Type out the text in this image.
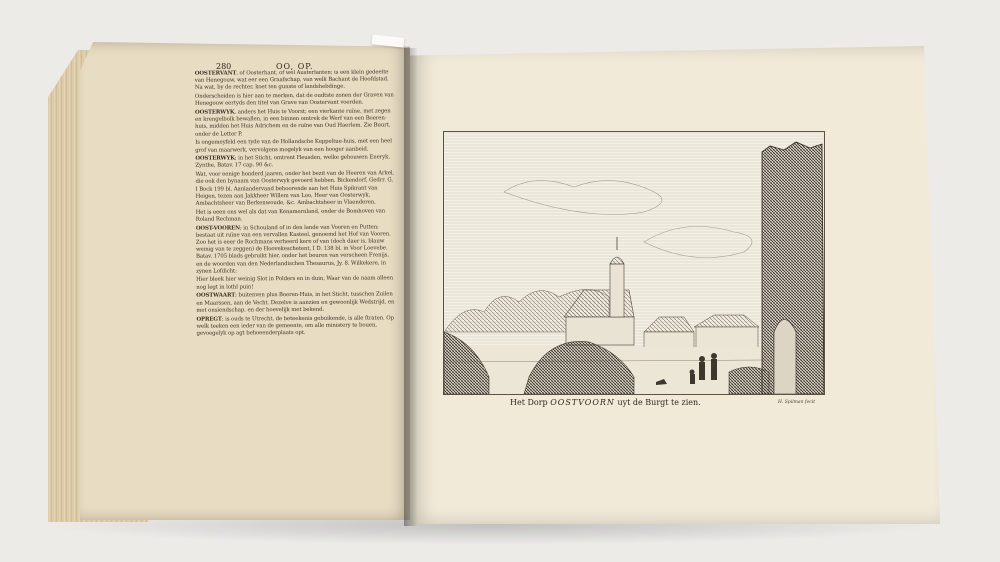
280	OO, OP.
OOSTERVANT, of Oosterhant, of wel Austerlanten; is een klein gedeelte van Henegouw, wat eer een Graafschap, van welk Bachant de Hoofdstad. Na wat, by de rechter, koet ten gunste of landshebdinge.
Onderscheiden is hier aan te merken, dat de oudtste zonen der Graven van Henegouw eertyds den titel van Grave van Oostervant voerden.
OOSTERWYK, anders het Huis te Voorst; een vierkante ruïne, met zegen en krengelbolk bewallen, in een binnen omtrek de Werf van een Boeren-huis, midden het Huis Adrichem en de ruïne van Oud Haerlem. Zie Buurt, onder de Letter P.
Is ongemeyfeld een tyde van de Hollandsche Keppeltue-huis, met een heel grof van maarwerk, vervolgens mogelyk van een hooger aanbeid.
OOSTERWYK; in het Sticht, omtrent Heusden, welke gehouwen Eneryk. Zynthe, Batav. 17 cap. 90 &c.
Wat, voor eenige honderd jaaren, onder het bezit van de Heeren van Arkel, die ook den bynaam van Oosterwyk gevoerd hebben. Bickendorf, Gedrr. G. I Bock 199 bl. Aanlandervand behoorende aan het Huis Spikrant van Heigen, tezen aan Jakkheer Willem van Loo, Heer van Oosterwyk, Ambachtsheer van Berkenwoude, &c. Ambachtsheer in Vlaenderen.
Het is eeen ons wel als dat van Kenamernland, onder de Bomhoven van Roland Rechman.
OOST-VOOREN; in Schouland of in den lande van Vooren en Putten; bestaat uit ruïne van een vervallen Kasteel, genoemd het Hof van Vooren. Zoo het is eeer de Rochmans verheerd kere of van (doch daer is, blauw weinig van te zeggen) de Hoovekeschetent, I D. 138 bl. in Voor Loevebe. Batav. 1705 blads gebruikt hier, onder het beuren van verscheen Frenijs, en de woorden van den Nederlandischen Thesaurus, Jy. 8. Wilkekere, in zynen Lofdicht:
Hier bleek hier weinig Slot in Polders en in duin, Waar van de naam alleen nog legt in lothl puin!
OOSTWAART; buitenven plus Boeren-Huis, in het Sticht, tusschen Zuilen en Maarssen, aan de Vecht. Dezelve is aanzien en gewoonlijk Wedstrijd, en met onsiendschap, en der hoevelijk met bekend.
OPREGT; is ouds te Utrecht, de beteekenis gebuikende, is alle ſtraten. Op welk teeken een ieder van de gemeente, om alle ministery te bouen, gevoegelyk op agt behoeenderplaats opt.
Het Dorp OOSTVOORN uyt de Burgt te zien.	H. Spilman fecit
